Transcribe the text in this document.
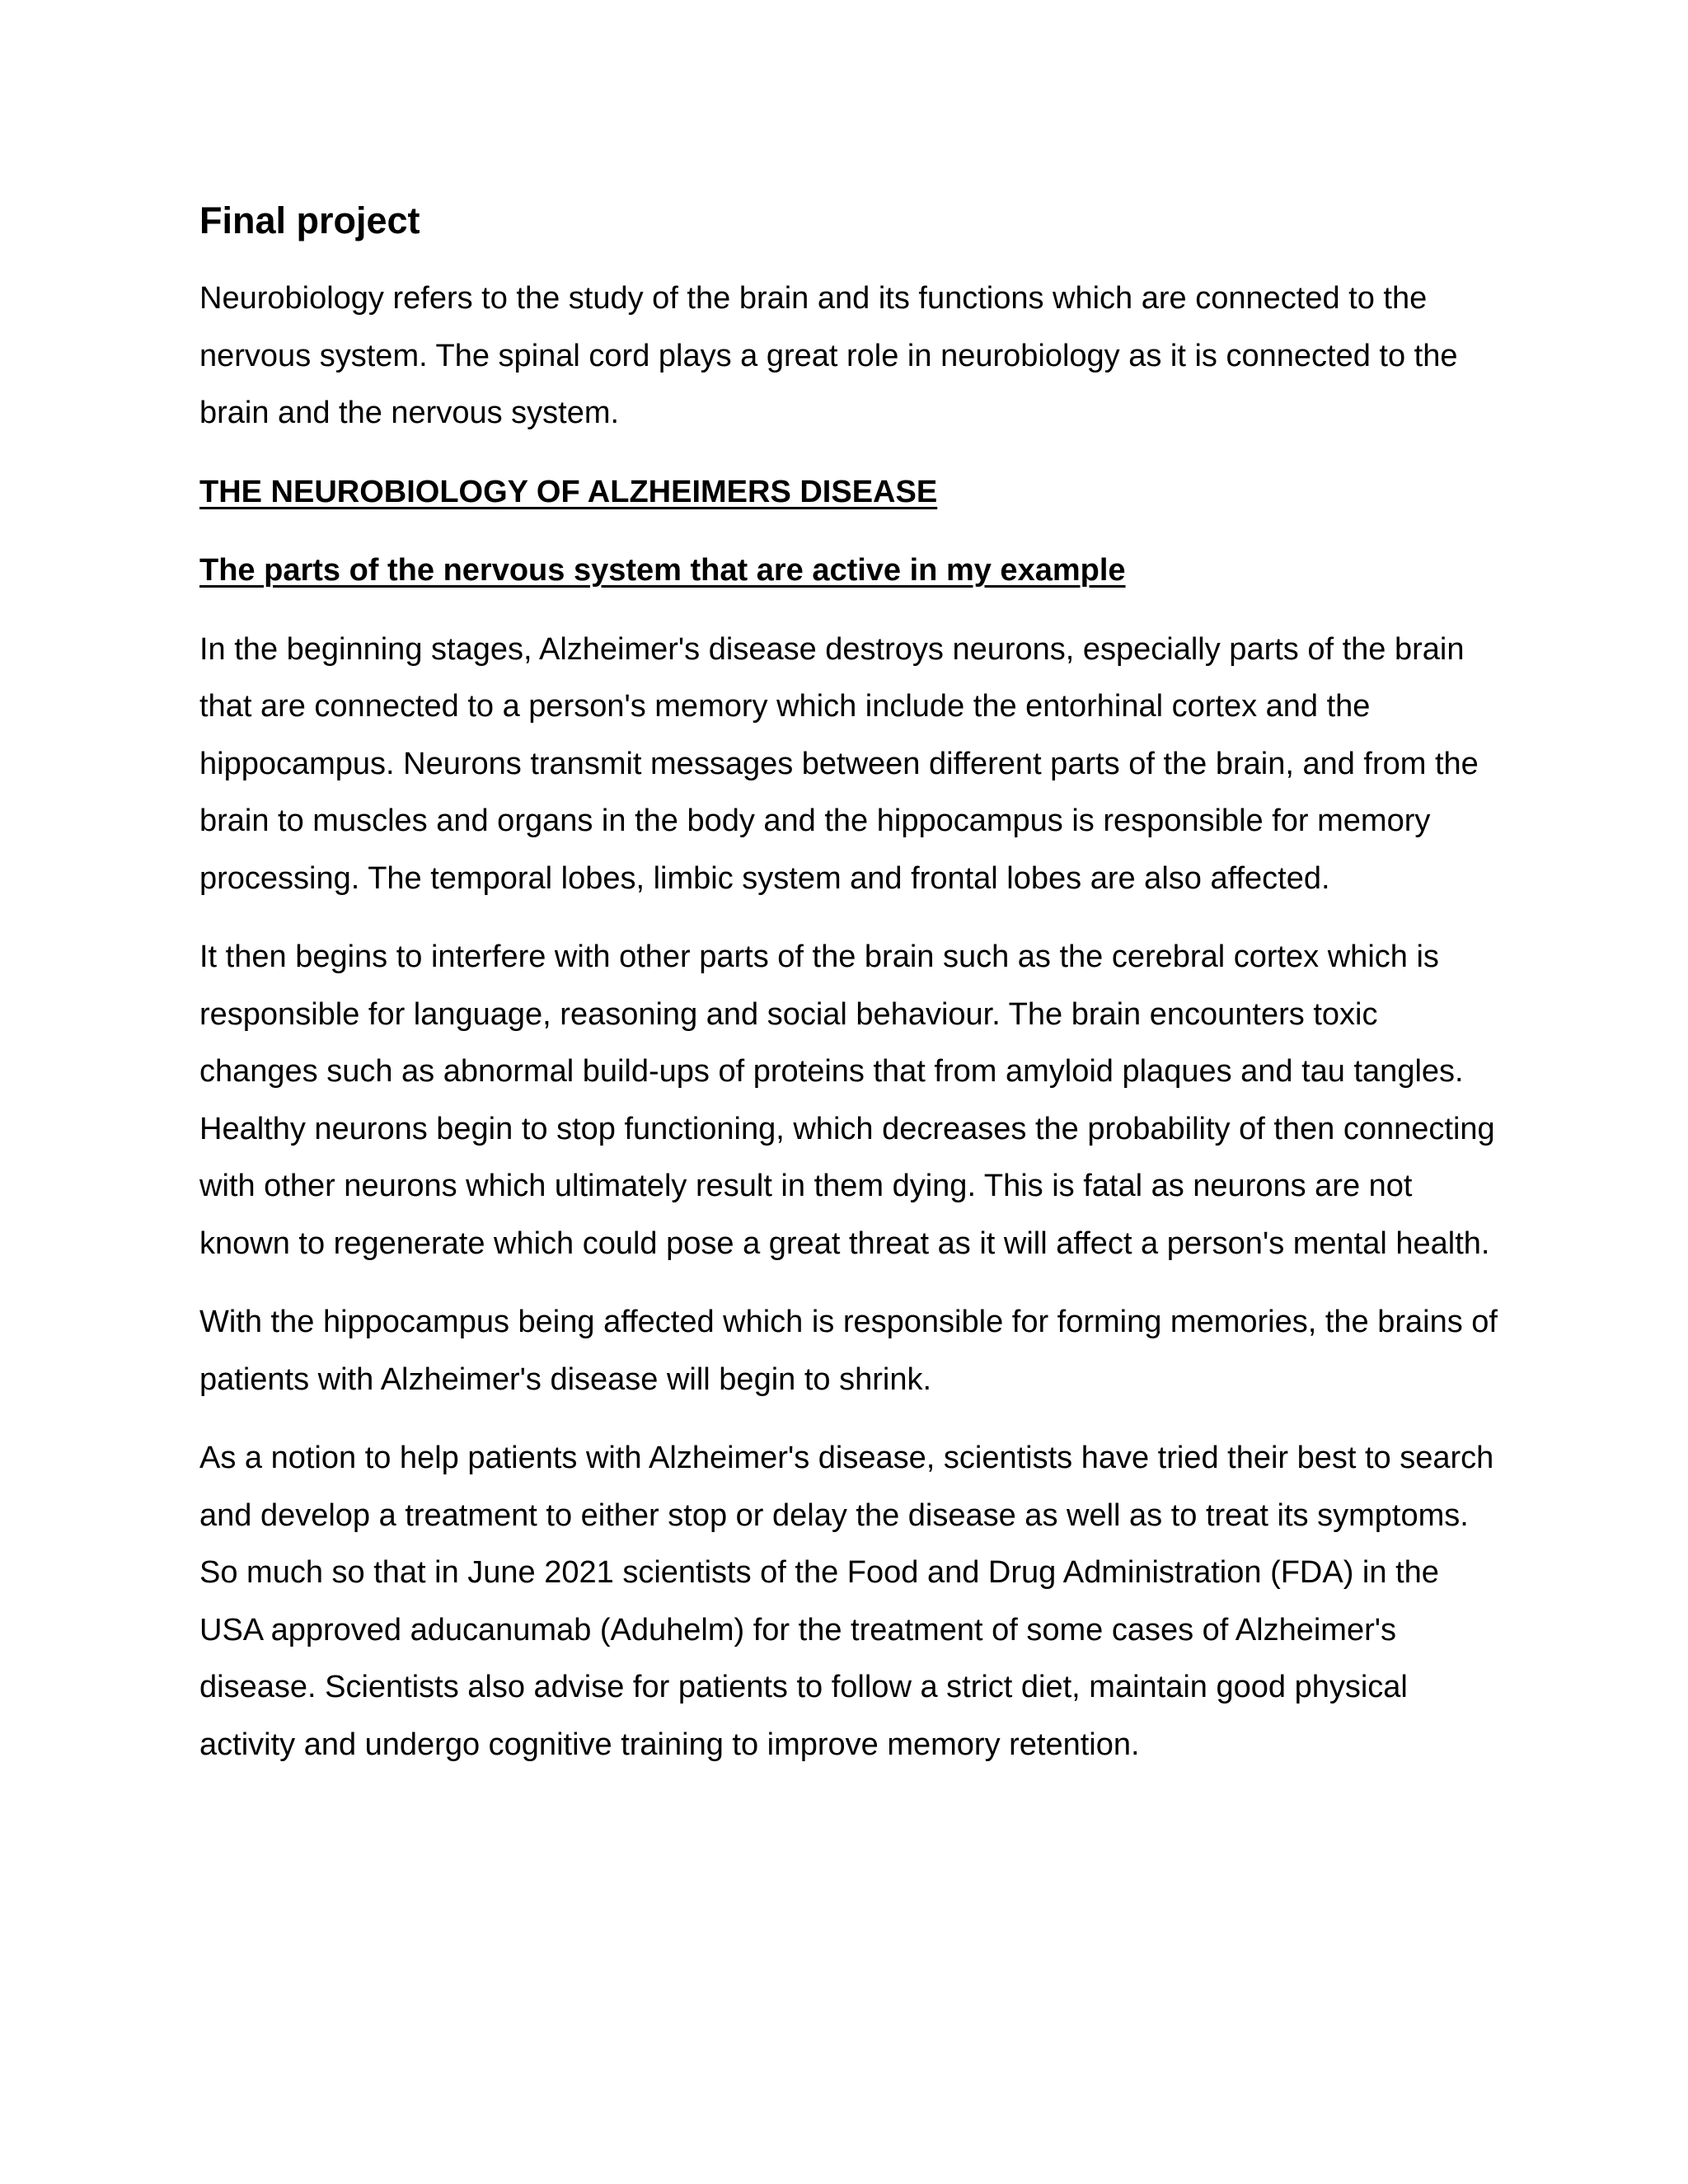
Final project

Neurobiology refers to the study of the brain and its functions which are connected to the nervous system. The spinal cord plays a great role in neurobiology as it is connected to the brain and the nervous system.

THE NEUROBIOLOGY OF ALZHEIMERS DISEASE

The parts of the nervous system that are active in my example

In the beginning stages, Alzheimer's disease destroys neurons, especially parts of the brain that are connected to a person's memory which include the entorhinal cortex and the hippocampus. Neurons transmit messages between different parts of the brain, and from the brain to muscles and organs in the body and the hippocampus is responsible for memory processing. The temporal lobes, limbic system and frontal lobes are also affected.

It then begins to interfere with other parts of the brain such as the cerebral cortex which is responsible for language, reasoning and social behaviour. The brain encounters toxic changes such as abnormal build-ups of proteins that from amyloid plaques and tau tangles. Healthy neurons begin to stop functioning, which decreases the probability of then connecting with other neurons which ultimately result in them dying. This is fatal as neurons are not known to regenerate which could pose a great threat as it will affect a person's mental health.

With the hippocampus being affected which is responsible for forming memories, the brains of patients with Alzheimer's disease will begin to shrink.

As a notion to help patients with Alzheimer's disease, scientists have tried their best to search and develop a treatment to either stop or delay the disease as well as to treat its symptoms. So much so that in June 2021 scientists of the Food and Drug Administration (FDA) in the USA approved aducanumab (Aduhelm) for the treatment of some cases of Alzheimer's disease. Scientists also advise for patients to follow a strict diet, maintain good physical activity and undergo cognitive training to improve memory retention.
